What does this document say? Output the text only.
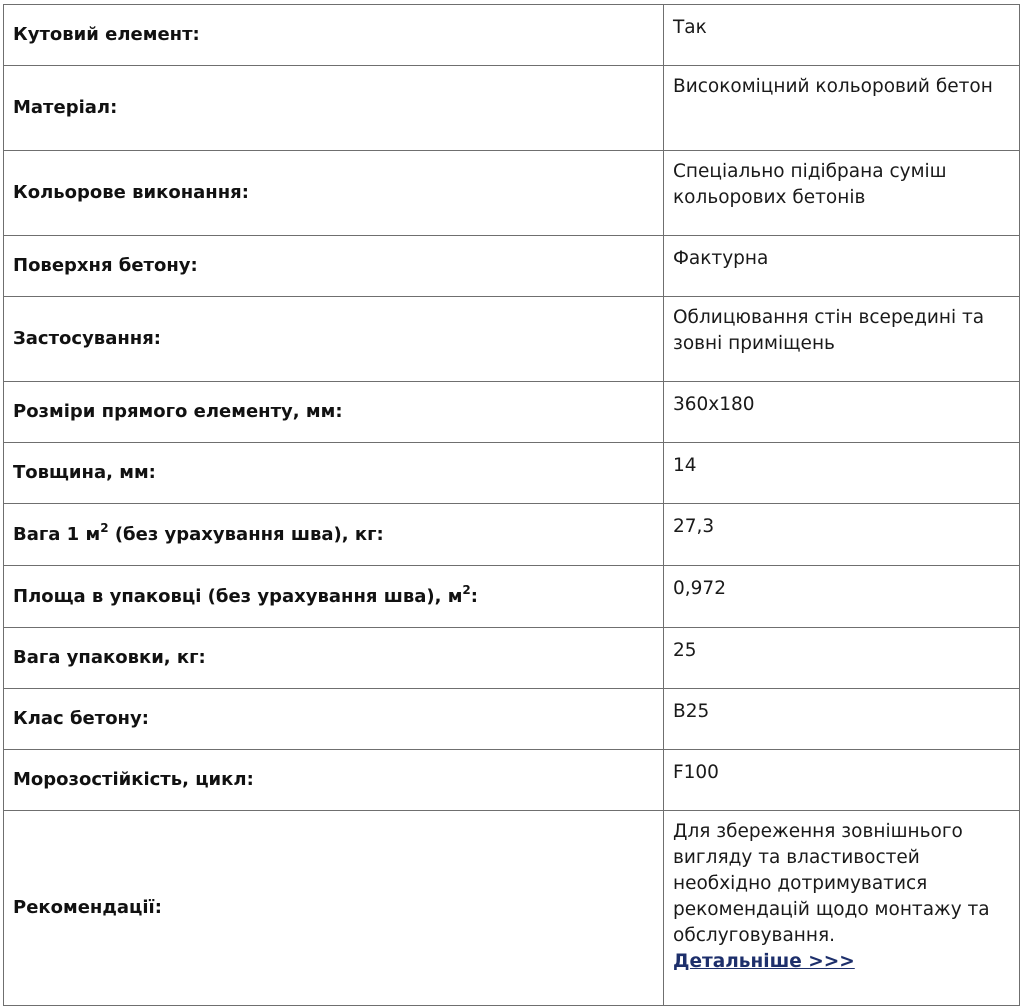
Кутовий елемент:	Так
Матеріал:	Високоміцний кольоровий бетон
Кольорове виконання:	Спеціально підібрана суміш кольорових бетонів
Поверхня бетону:	Фактурна
Застосування:	Облицювання стін всередині та зовні приміщень
Розміри прямого елементу, мм:	360х180
Товщина, мм:	14
Вага 1 $м^2$ (без урахування шва), кг:	27,3
Площа в упаковці (без урахування шва), $м^2$:	0,972
Вага упаковки, кг:	25
Клас бетону:	B25
Морозостійкість, цикл:	F100
Рекомендації:	Для збереження зовнішнього вигляду та властивостей необхідно дотримуватися рекомендацій щодо монтажу та обслуговування.
Детальніше >>>
